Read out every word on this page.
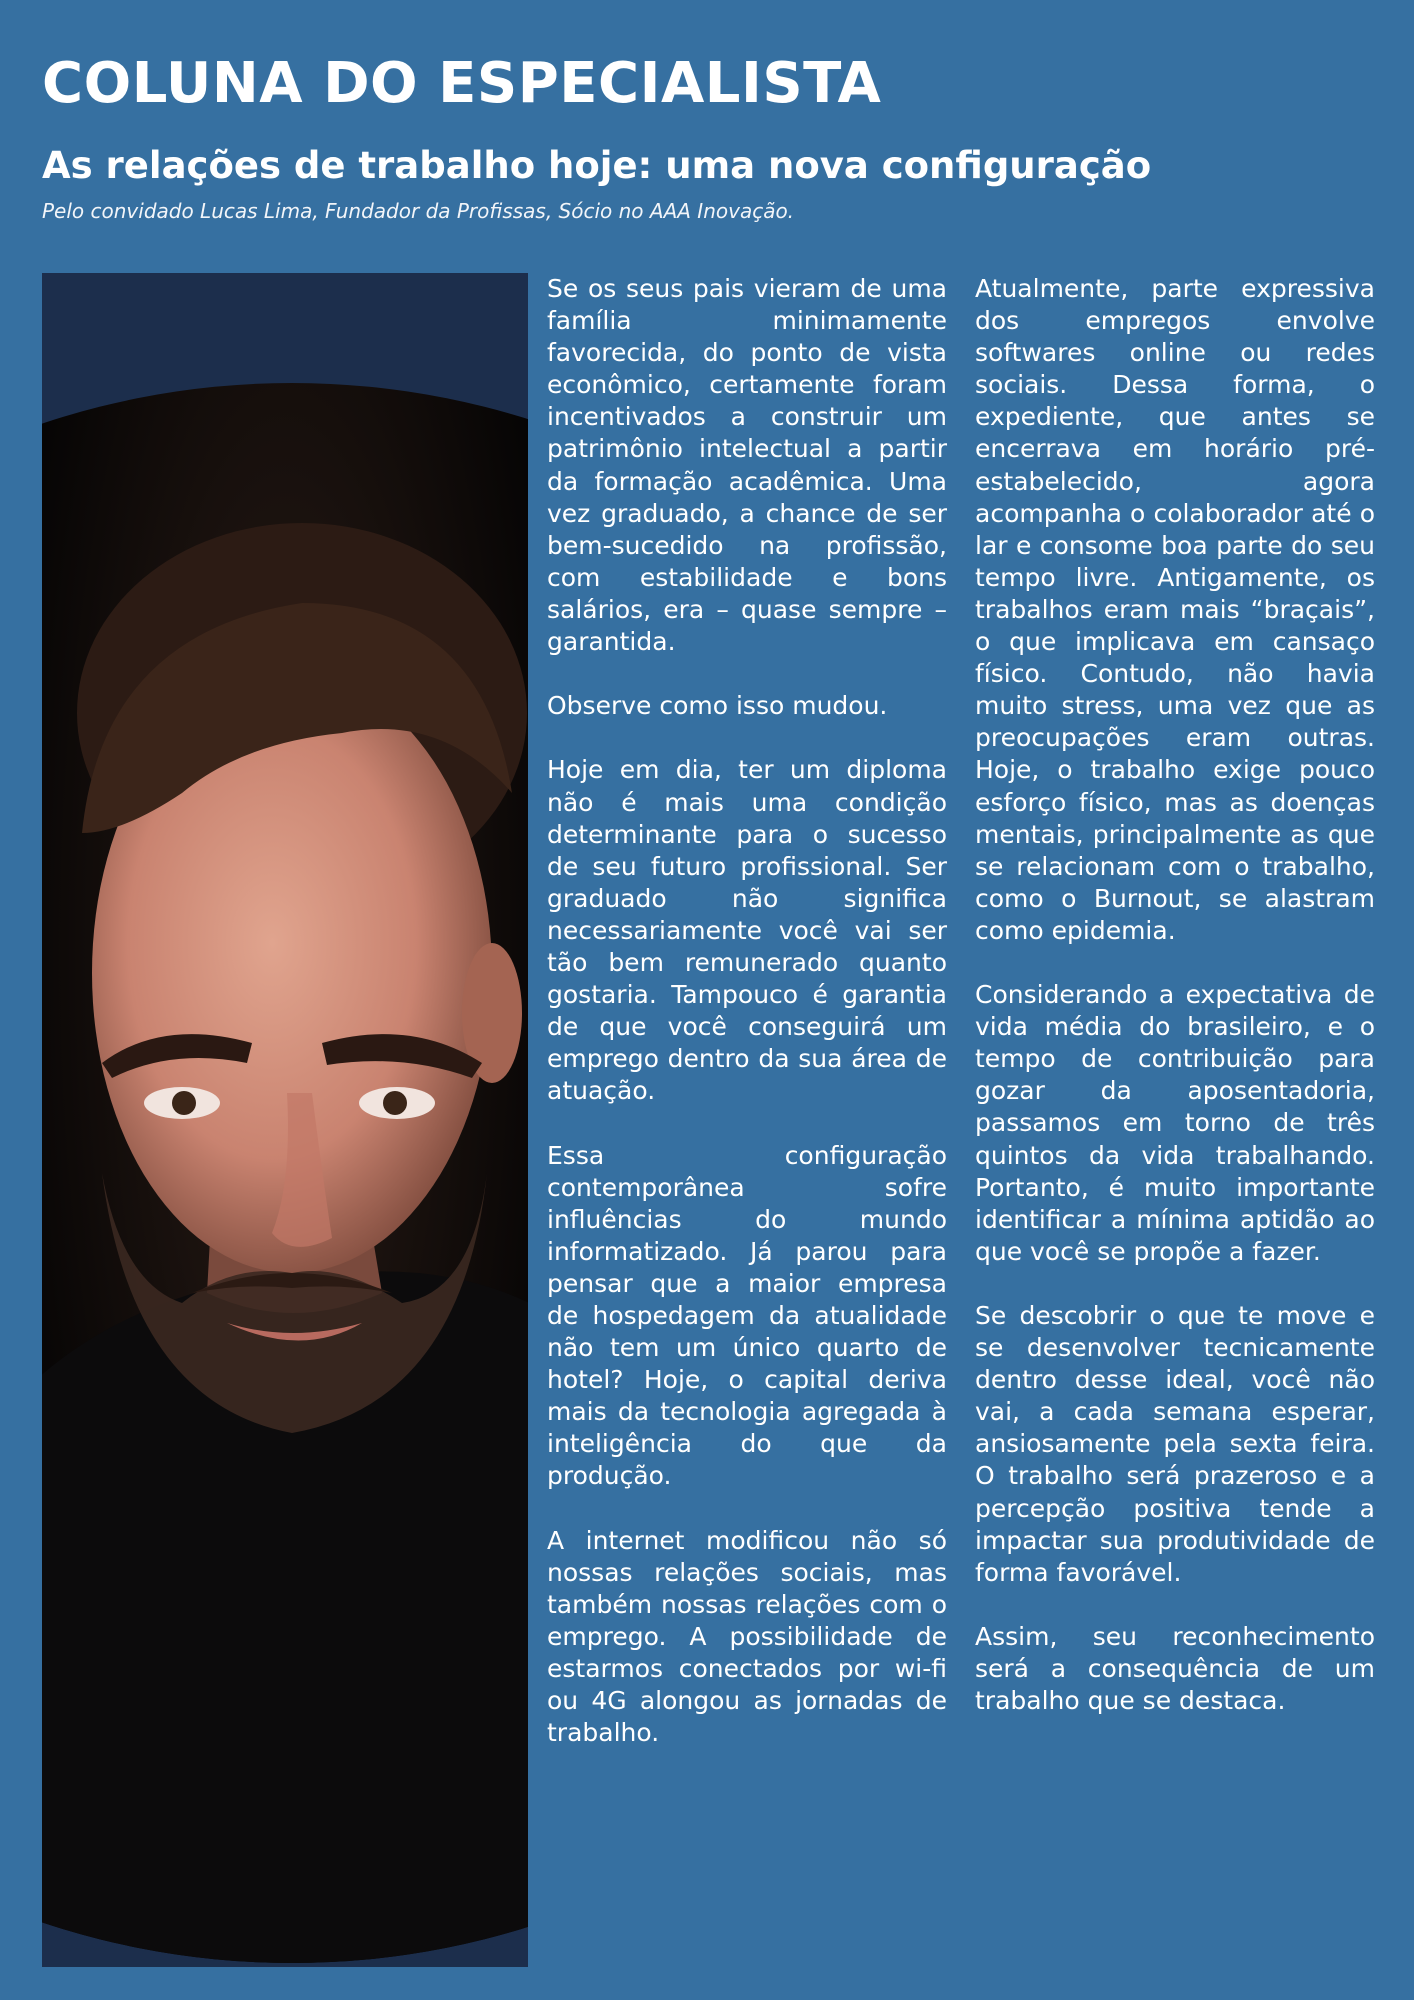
COLUNA DO ESPECIALISTA
As relações de trabalho hoje: uma nova configuração

Pelo convidado Lucas Lima, Fundador da Profissas, Sócio no AAA Inovação.

Se os seus pais vieram de uma família minimamente favorecida, do ponto de vista econômico, certamente foram incentivados a construir um patrimônio intelectual a partir da formação acadêmica. Uma vez graduado, a chance de ser bem-sucedido na profissão, com estabilidade e bons salários, era – quase sempre – garantida.

Observe como isso mudou.

Hoje em dia, ter um diploma não é mais uma condição determinante para o sucesso de seu futuro profissional. Ser graduado não significa necessariamente você vai ser tão bem remunerado quanto gostaria. Tampouco é garantia de que você conseguirá um emprego dentro da sua área de atuação.

Essa configuração contemporânea sofre influências do mundo informatizado. Já parou para pensar que a maior empresa de hospedagem da atualidade não tem um único quarto de hotel? Hoje, o capital deriva mais da tecnologia agregada à inteligência do que da produção.

A internet modificou não só nossas relações sociais, mas também nossas relações com o emprego. A possibilidade de estarmos conectados por wi-fi ou 4G alongou as jornadas de trabalho.

Atualmente, parte expressiva dos empregos envolve softwares online ou redes sociais. Dessa forma, o expediente, que antes se encerrava em horário pré-estabelecido, agora acompanha o colaborador até o lar e consome boa parte do seu tempo livre. Antigamente, os trabalhos eram mais “braçais”, o que implicava em cansaço físico. Contudo, não havia muito stress, uma vez que as preocupações eram outras. Hoje, o trabalho exige pouco esforço físico, mas as doenças mentais, principalmente as que se relacionam com o trabalho, como o Burnout, se alastram como epidemia.

Considerando a expectativa de vida média do brasileiro, e o tempo de contribuição para gozar da aposentadoria, passamos em torno de três quintos da vida trabalhando. Portanto, é muito importante identificar a mínima aptidão ao que você se propõe a fazer.

Se descobrir o que te move e se desenvolver tecnicamente dentro desse ideal, você não vai, a cada semana esperar, ansiosamente pela sexta feira. O trabalho será prazeroso e a percepção positiva tende a impactar sua produtividade de forma favorável.

Assim, seu reconhecimento será a consequência de um trabalho que se destaca.
